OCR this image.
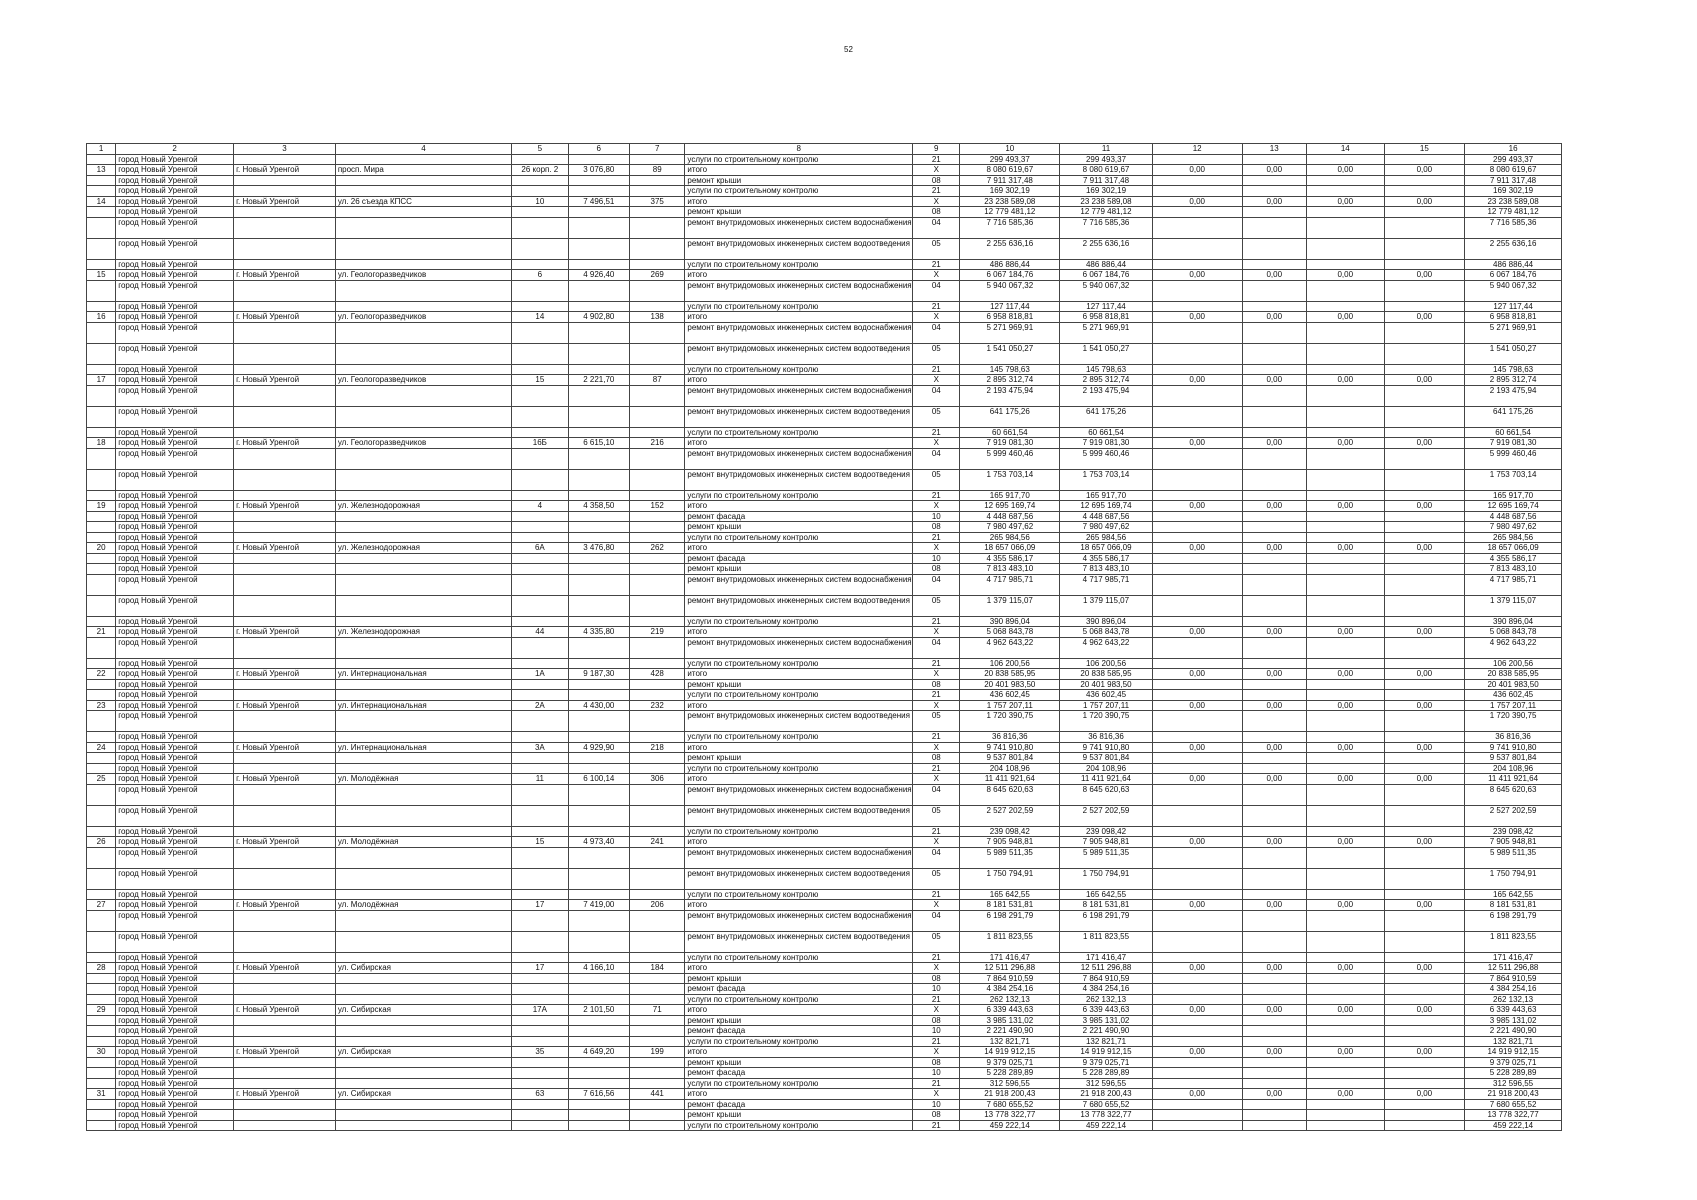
52
1	2	3	4	5	6	7	8	9	10	11	12	13	14	15	16
	город Новый Уренгой						услуги по строительному контролю	21	299 493,37	299 493,37					299 493,37
13	город Новый Уренгой	г. Новый Уренгой	просп. Мира	26 корп. 2	3 076,80	89	итого	X	8 080 619,67	8 080 619,67	0,00	0,00	0,00	0,00	8 080 619,67
	город Новый Уренгой						ремонт крыши	08	7 911 317,48	7 911 317,48					7 911 317,48
	город Новый Уренгой						услуги по строительному контролю	21	169 302,19	169 302,19					169 302,19
14	город Новый Уренгой	г. Новый Уренгой	ул. 26 съезда КПСС	10	7 496,51	375	итого	X	23 238 589,08	23 238 589,08	0,00	0,00	0,00	0,00	23 238 589,08
	город Новый Уренгой						ремонт крыши	08	12 779 481,12	12 779 481,12					12 779 481,12
	город Новый Уренгой						ремонт внутридомовых инженерных систем водоснабжения	04	7 716 585,36	7 716 585,36					7 716 585,36
	город Новый Уренгой						ремонт внутридомовых инженерных систем водоотведения	05	2 255 636,16	2 255 636,16					2 255 636,16
	город Новый Уренгой						услуги по строительному контролю	21	486 886,44	486 886,44					486 886,44
15	город Новый Уренгой	г. Новый Уренгой	ул. Геологоразведчиков	6	4 926,40	269	итого	X	6 067 184,76	6 067 184,76	0,00	0,00	0,00	0,00	6 067 184,76
	город Новый Уренгой						ремонт внутридомовых инженерных систем водоснабжения	04	5 940 067,32	5 940 067,32					5 940 067,32
	город Новый Уренгой						услуги по строительному контролю	21	127 117,44	127 117,44					127 117,44
16	город Новый Уренгой	г. Новый Уренгой	ул. Геологоразведчиков	14	4 902,80	138	итого	X	6 958 818,81	6 958 818,81	0,00	0,00	0,00	0,00	6 958 818,81
	город Новый Уренгой						ремонт внутридомовых инженерных систем водоснабжения	04	5 271 969,91	5 271 969,91					5 271 969,91
	город Новый Уренгой						ремонт внутридомовых инженерных систем водоотведения	05	1 541 050,27	1 541 050,27					1 541 050,27
	город Новый Уренгой						услуги по строительному контролю	21	145 798,63	145 798,63					145 798,63
17	город Новый Уренгой	г. Новый Уренгой	ул. Геологоразведчиков	15	2 221,70	87	итого	X	2 895 312,74	2 895 312,74	0,00	0,00	0,00	0,00	2 895 312,74
	город Новый Уренгой						ремонт внутридомовых инженерных систем водоснабжения	04	2 193 475,94	2 193 475,94					2 193 475,94
	город Новый Уренгой						ремонт внутридомовых инженерных систем водоотведения	05	641 175,26	641 175,26					641 175,26
	город Новый Уренгой						услуги по строительному контролю	21	60 661,54	60 661,54					60 661,54
18	город Новый Уренгой	г. Новый Уренгой	ул. Геологоразведчиков	16Б	6 615,10	216	итого	X	7 919 081,30	7 919 081,30	0,00	0,00	0,00	0,00	7 919 081,30
	город Новый Уренгой						ремонт внутридомовых инженерных систем водоснабжения	04	5 999 460,46	5 999 460,46					5 999 460,46
	город Новый Уренгой						ремонт внутридомовых инженерных систем водоотведения	05	1 753 703,14	1 753 703,14					1 753 703,14
	город Новый Уренгой						услуги по строительному контролю	21	165 917,70	165 917,70					165 917,70
19	город Новый Уренгой	г. Новый Уренгой	ул. Железнодорожная	4	4 358,50	152	итого	X	12 695 169,74	12 695 169,74	0,00	0,00	0,00	0,00	12 695 169,74
	город Новый Уренгой						ремонт фасада	10	4 448 687,56	4 448 687,56					4 448 687,56
	город Новый Уренгой						ремонт крыши	08	7 980 497,62	7 980 497,62					7 980 497,62
	город Новый Уренгой						услуги по строительному контролю	21	265 984,56	265 984,56					265 984,56
20	город Новый Уренгой	г. Новый Уренгой	ул. Железнодорожная	6А	3 476,80	262	итого	X	18 657 066,09	18 657 066,09	0,00	0,00	0,00	0,00	18 657 066,09
	город Новый Уренгой						ремонт фасада	10	4 355 586,17	4 355 586,17					4 355 586,17
	город Новый Уренгой						ремонт крыши	08	7 813 483,10	7 813 483,10					7 813 483,10
	город Новый Уренгой						ремонт внутридомовых инженерных систем водоснабжения	04	4 717 985,71	4 717 985,71					4 717 985,71
	город Новый Уренгой						ремонт внутридомовых инженерных систем водоотведения	05	1 379 115,07	1 379 115,07					1 379 115,07
	город Новый Уренгой						услуги по строительному контролю	21	390 896,04	390 896,04					390 896,04
21	город Новый Уренгой	г. Новый Уренгой	ул. Железнодорожная	44	4 335,80	219	итого	X	5 068 843,78	5 068 843,78	0,00	0,00	0,00	0,00	5 068 843,78
	город Новый Уренгой						ремонт внутридомовых инженерных систем водоснабжения	04	4 962 643,22	4 962 643,22					4 962 643,22
	город Новый Уренгой						услуги по строительному контролю	21	106 200,56	106 200,56					106 200,56
22	город Новый Уренгой	г. Новый Уренгой	ул. Интернациональная	1А	9 187,30	428	итого	X	20 838 585,95	20 838 585,95	0,00	0,00	0,00	0,00	20 838 585,95
	город Новый Уренгой						ремонт крыши	08	20 401 983,50	20 401 983,50					20 401 983,50
	город Новый Уренгой						услуги по строительному контролю	21	436 602,45	436 602,45					436 602,45
23	город Новый Уренгой	г. Новый Уренгой	ул. Интернациональная	2А	4 430,00	232	итого	X	1 757 207,11	1 757 207,11	0,00	0,00	0,00	0,00	1 757 207,11
	город Новый Уренгой						ремонт внутридомовых инженерных систем водоотведения	05	1 720 390,75	1 720 390,75					1 720 390,75
	город Новый Уренгой						услуги по строительному контролю	21	36 816,36	36 816,36					36 816,36
24	город Новый Уренгой	г. Новый Уренгой	ул. Интернациональная	3А	4 929,90	218	итого	X	9 741 910,80	9 741 910,80	0,00	0,00	0,00	0,00	9 741 910,80
	город Новый Уренгой						ремонт крыши	08	9 537 801,84	9 537 801,84					9 537 801,84
	город Новый Уренгой						услуги по строительному контролю	21	204 108,96	204 108,96					204 108,96
25	город Новый Уренгой	г. Новый Уренгой	ул. Молодёжная	11	6 100,14	306	итого	X	11 411 921,64	11 411 921,64	0,00	0,00	0,00	0,00	11 411 921,64
	город Новый Уренгой						ремонт внутридомовых инженерных систем водоснабжения	04	8 645 620,63	8 645 620,63					8 645 620,63
	город Новый Уренгой						ремонт внутридомовых инженерных систем водоотведения	05	2 527 202,59	2 527 202,59					2 527 202,59
	город Новый Уренгой						услуги по строительному контролю	21	239 098,42	239 098,42					239 098,42
26	город Новый Уренгой	г. Новый Уренгой	ул. Молодёжная	15	4 973,40	241	итого	X	7 905 948,81	7 905 948,81	0,00	0,00	0,00	0,00	7 905 948,81
	город Новый Уренгой						ремонт внутридомовых инженерных систем водоснабжения	04	5 989 511,35	5 989 511,35					5 989 511,35
	город Новый Уренгой						ремонт внутридомовых инженерных систем водоотведения	05	1 750 794,91	1 750 794,91					1 750 794,91
	город Новый Уренгой						услуги по строительному контролю	21	165 642,55	165 642,55					165 642,55
27	город Новый Уренгой	г. Новый Уренгой	ул. Молодёжная	17	7 419,00	206	итого	X	8 181 531,81	8 181 531,81	0,00	0,00	0,00	0,00	8 181 531,81
	город Новый Уренгой						ремонт внутридомовых инженерных систем водоснабжения	04	6 198 291,79	6 198 291,79					6 198 291,79
	город Новый Уренгой						ремонт внутридомовых инженерных систем водоотведения	05	1 811 823,55	1 811 823,55					1 811 823,55
	город Новый Уренгой						услуги по строительному контролю	21	171 416,47	171 416,47					171 416,47
28	город Новый Уренгой	г. Новый Уренгой	ул. Сибирская	17	4 166,10	184	итого	X	12 511 296,88	12 511 296,88	0,00	0,00	0,00	0,00	12 511 296,88
	город Новый Уренгой						ремонт крыши	08	7 864 910,59	7 864 910,59					7 864 910,59
	город Новый Уренгой						ремонт фасада	10	4 384 254,16	4 384 254,16					4 384 254,16
	город Новый Уренгой						услуги по строительному контролю	21	262 132,13	262 132,13					262 132,13
29	город Новый Уренгой	г. Новый Уренгой	ул. Сибирская	17А	2 101,50	71	итого	X	6 339 443,63	6 339 443,63	0,00	0,00	0,00	0,00	6 339 443,63
	город Новый Уренгой						ремонт крыши	08	3 985 131,02	3 985 131,02					3 985 131,02
	город Новый Уренгой						ремонт фасада	10	2 221 490,90	2 221 490,90					2 221 490,90
	город Новый Уренгой						услуги по строительному контролю	21	132 821,71	132 821,71					132 821,71
30	город Новый Уренгой	г. Новый Уренгой	ул. Сибирская	35	4 649,20	199	итого	X	14 919 912,15	14 919 912,15	0,00	0,00	0,00	0,00	14 919 912,15
	город Новый Уренгой						ремонт крыши	08	9 379 025,71	9 379 025,71					9 379 025,71
	город Новый Уренгой						ремонт фасада	10	5 228 289,89	5 228 289,89					5 228 289,89
	город Новый Уренгой						услуги по строительному контролю	21	312 596,55	312 596,55					312 596,55
31	город Новый Уренгой	г. Новый Уренгой	ул. Сибирская	63	7 616,56	441	итого	X	21 918 200,43	21 918 200,43	0,00	0,00	0,00	0,00	21 918 200,43
	город Новый Уренгой						ремонт фасада	10	7 680 655,52	7 680 655,52					7 680 655,52
	город Новый Уренгой						ремонт крыши	08	13 778 322,77	13 778 322,77					13 778 322,77
	город Новый Уренгой						услуги по строительному контролю	21	459 222,14	459 222,14					459 222,14
